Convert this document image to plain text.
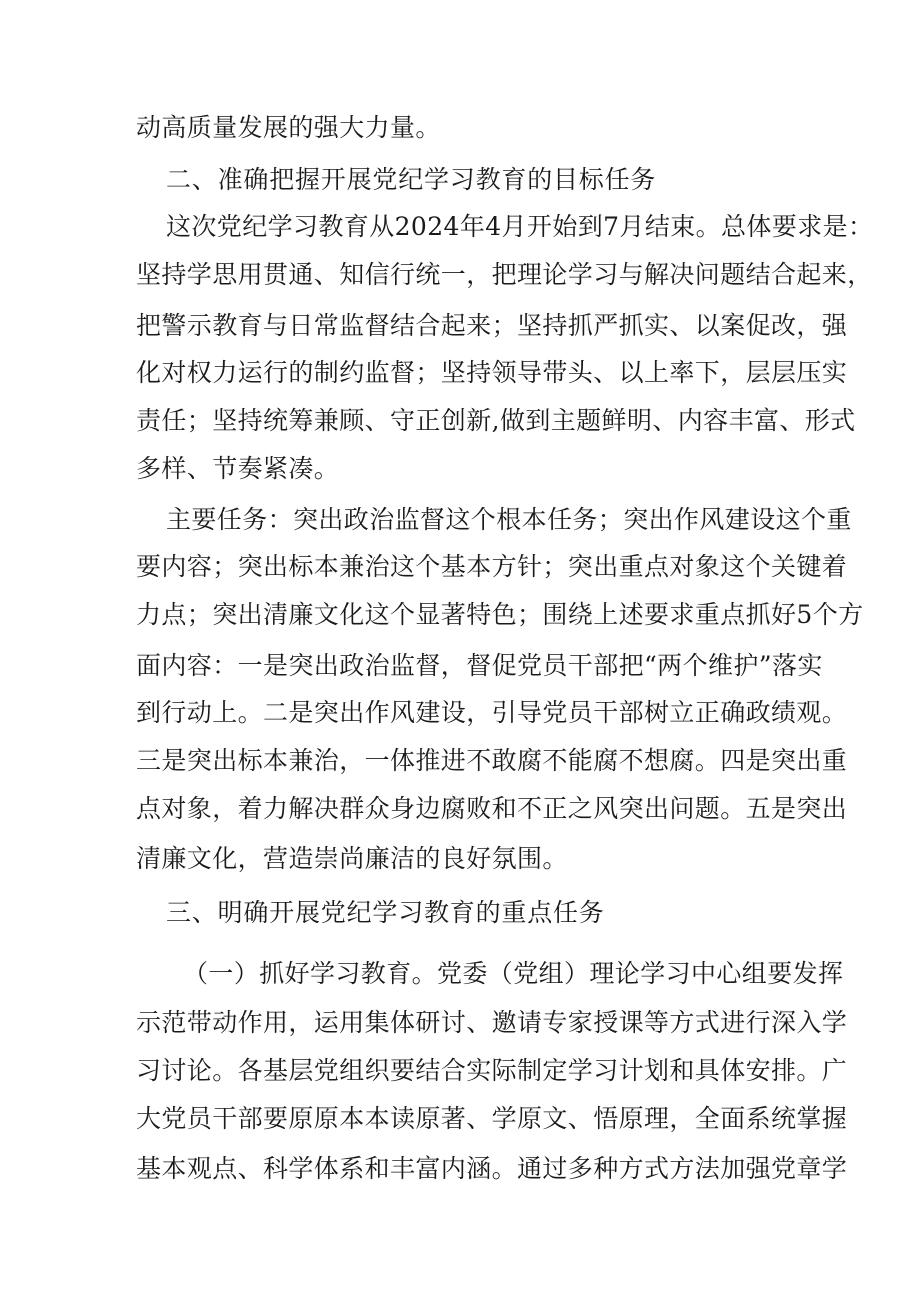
动高质量发展的强大力量。
二、准确把握开展党纪学习教育的目标任务
这次党纪学习教育从2024年4月开始到7月结束。总体要求是：
坚持学思用贯通、知信行统一，把理论学习与解决问题结合起来，
把警示教育与日常监督结合起来；坚持抓严抓实、以案促改，强
化对权力运行的制约监督；坚持领导带头、以上率下，层层压实
责任；坚持统筹兼顾、守正创新,做到主题鲜明、内容丰富、形式
多样、节奏紧凑。
主要任务：突出政治监督这个根本任务；突出作风建设这个重
要内容；突出标本兼治这个基本方针；突出重点对象这个关键着
力点；突出清廉文化这个显著特色；围绕上述要求重点抓好5个方
面内容：一是突出政治监督，督促党员干部把“两个维护”落实
到行动上。二是突出作风建设，引导党员干部树立正确政绩观。
三是突出标本兼治，一体推进不敢腐不能腐不想腐。四是突出重
点对象，着力解决群众身边腐败和不正之风突出问题。五是突出
清廉文化，营造崇尚廉洁的良好氛围。
三、明确开展党纪学习教育的重点任务
（一）抓好学习教育。党委（党组）理论学习中心组要发挥
示范带动作用，运用集体研讨、邀请专家授课等方式进行深入学
习讨论。各基层党组织要结合实际制定学习计划和具体安排。广
大党员干部要原原本本读原著、学原文、悟原理，全面系统掌握
基本观点、科学体系和丰富内涵。通过多种方式方法加强党章学
